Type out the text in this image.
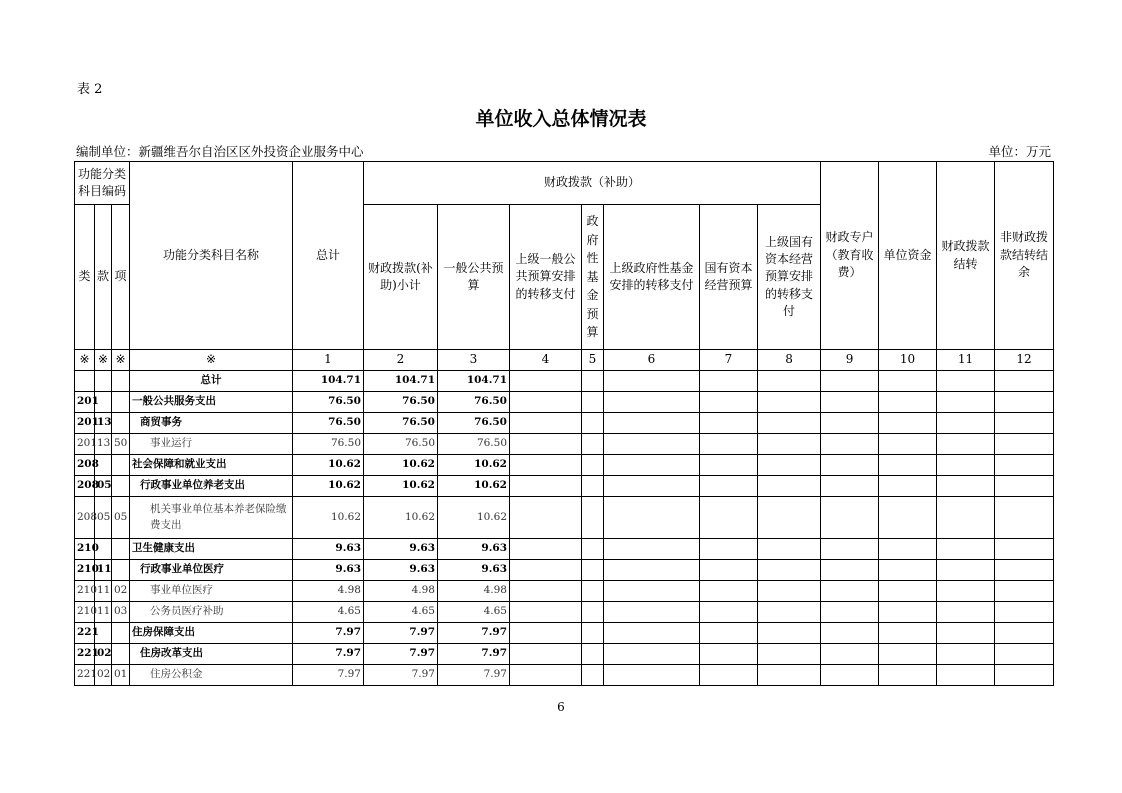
表 2
单位收入总体情况表
编制单位：新疆维吾尔自治区区外投资企业服务中心	单位：万元
功能分类科目编码			功能分类科目名称	总计	财政拨款（补助）							财政专户（教育收费）	单位资金	财政拨款结转	非财政拨款结转结余
类	款	项			财政拨款(补助)小计	一般公共预算	上级一般公共预算安排的转移支付	政府性基金预算	上级政府性基金安排的转移支付	国有资本经营预算	上级国有资本经营预算安排的转移支付				
※	※	※	※	1	2	3	4	5	6	7	8	9	10	11	12
			总计	104.71	104.71	104.71									
201			一般公共服务支出	76.50	76.50	76.50									
201	13		商贸事务	76.50	76.50	76.50									
201	13	50	事业运行	76.50	76.50	76.50									
208			社会保障和就业支出	10.62	10.62	10.62									
208	05		行政事业单位养老支出	10.62	10.62	10.62									
208	05	05	机关事业单位基本养老保险缴费支出	10.62	10.62	10.62									
210			卫生健康支出	9.63	9.63	9.63									
210	11		行政事业单位医疗	9.63	9.63	9.63									
210	11	02	事业单位医疗	4.98	4.98	4.98									
210	11	03	公务员医疗补助	4.65	4.65	4.65									
221			住房保障支出	7.97	7.97	7.97									
221	02		住房改革支出	7.97	7.97	7.97									
221	02	01	住房公积金	7.97	7.97	7.97									
6
